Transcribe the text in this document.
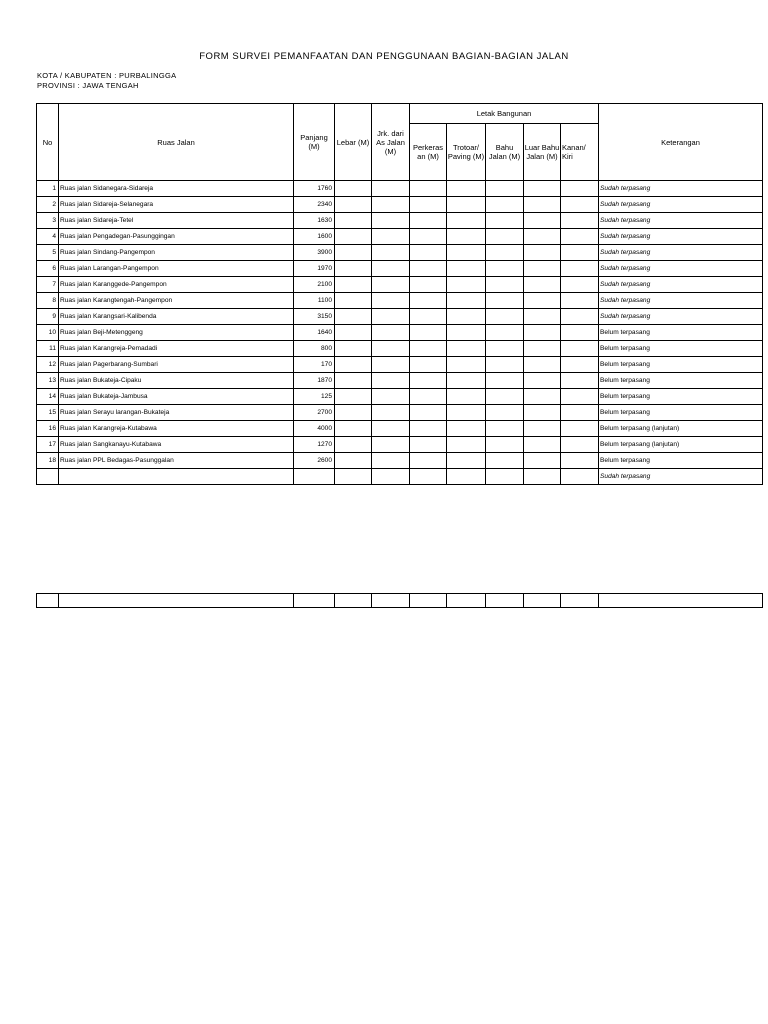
FORM SURVEI PEMANFAATAN DAN PENGGUNAAN BAGIAN-BAGIAN JALAN
KOTA / KABUPATEN : PURBALINGGA
PROVINSI : JAWA TENGAH
No	Ruas Jalan	Panjang (M)	Lebar (M)	Jrk. dari As Jalan (M)	Letak Bangunan					Keterangan
					Perkeras an (M)	Trotoar/ Paving (M)	Bahu Jalan (M)	Luar Bahu Jalan (M)	Kanan/ Kiri	
1	Ruas jalan Sidanegara-Sidareja	1760								Sudah terpasang
2	Ruas jalan Sidareja-Selanegara	2340								Sudah terpasang
3	Ruas jalan Sidareja-Tetel	1630								Sudah terpasang
4	Ruas jalan Pengadegan-Pasunggingan	1600								Sudah terpasang
5	Ruas jalan Sindang-Pangempon	3900								Sudah terpasang
6	Ruas jalan Larangan-Pangempon	1970								Sudah terpasang
7	Ruas jalan Karanggede-Pangempon	2100								Sudah terpasang
8	Ruas jalan Karangtengah-Pangempon	1100								Sudah terpasang
9	Ruas jalan Karangsari-Kalibenda	3150								Sudah terpasang
10	Ruas jalan Beji-Metenggeng	1640								Belum terpasang
11	Ruas jalan Karangreja-Pemadadi	800								Belum terpasang
12	Ruas jalan Pagerbarang-Sumbari	170								Belum terpasang
13	Ruas jalan Bukateja-Cipaku	1870								Belum terpasang
14	Ruas jalan Bukateja-Jambusa	125								Belum terpasang
15	Ruas jalan Serayu larangan-Bukateja	2700								Belum terpasang
16	Ruas jalan Karangreja-Kutabawa	4000								Belum terpasang (lanjutan)
17	Ruas jalan Sangkanayu-Kutabawa	1270								Belum terpasang (lanjutan)
18	Ruas jalan PPL Bedagas-Pasunggalan	2600								Belum terpasang
										Sudah terpasang
